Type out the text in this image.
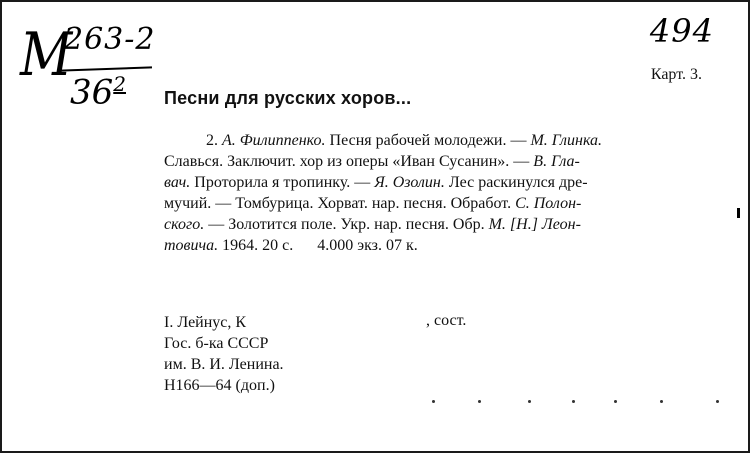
М
263-2
$36^2$
494
Карт. 3.
Песни для русских хоров...
2. А. Филиппенко. Песня рабочей молодежи. — М. Глинка.
Славься. Заключит. хор из оперы «Иван Сусанин». — В. Гла-
вач. Проторила я тропинку. — Я. Озолин. Лес раскинулся дре-
мучий. — Томбурица. Хорват. нар. песня. Обработ. С. Полон-
ского. — Золотится поле. Укр. нар. песня. Обр. М. [Н.] Леон-
товича. 1964. 20 с. 4.000 экз. 07 к.
I. Лейнус, К
Гос. б-ка СССР
им. В. И. Ленина.
Н166—64 (доп.)
, сост.
